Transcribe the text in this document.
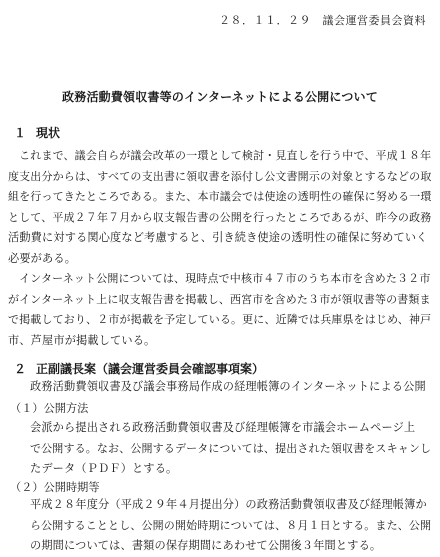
２８．１１．２９　議会運営委員会資料
政務活動費領収書等のインターネットによる公開について
１ 現状
　これまで、議会自らが議会改革の一環として検討・見直しを行う中で、平成１８年
度支出分からは、すべての支出書に領収書を添付し公文書開示の対象とするなどの取
組を行ってきたところである。また、本市議会では使途の透明性の確保に努める一環
として、平成２７年７月から収支報告書の公開を行ったところであるが、昨今の政務
活動費に対する関心度など考慮すると、引き続き使途の透明性の確保に努めていく
必要がある。
　インターネット公開については、現時点で中核市４７市のうち本市を含めた３２市
がインターネット上に収支報告書を掲載し、西宮市を含めた３市が領収書等の書類ま
で掲載しており、２市が掲載を予定している。更に、近隣では兵庫県をはじめ、神戸
市、芦屋市が掲載している。
２ 正副議長案（議会運営委員会確認事項案）
政務活動費領収書及び議会事務局作成の経理帳簿のインターネットによる公開
（１）公開方法
会派から提出される政務活動費領収書及び経理帳簿を市議会ホームページ上
で公開する。なお、公開するデータについては、提出された領収書をスキャンし
たデータ（ＰＤＦ）とする。
（２）公開時期等
平成２８年度分（平成２９年４月提出分）の政務活動費領収書及び経理帳簿か
ら公開することとし、公開の開始時期については、８月１日とする。また、公開
の期間については、書類の保存期間にあわせて公開後３年間とする。
